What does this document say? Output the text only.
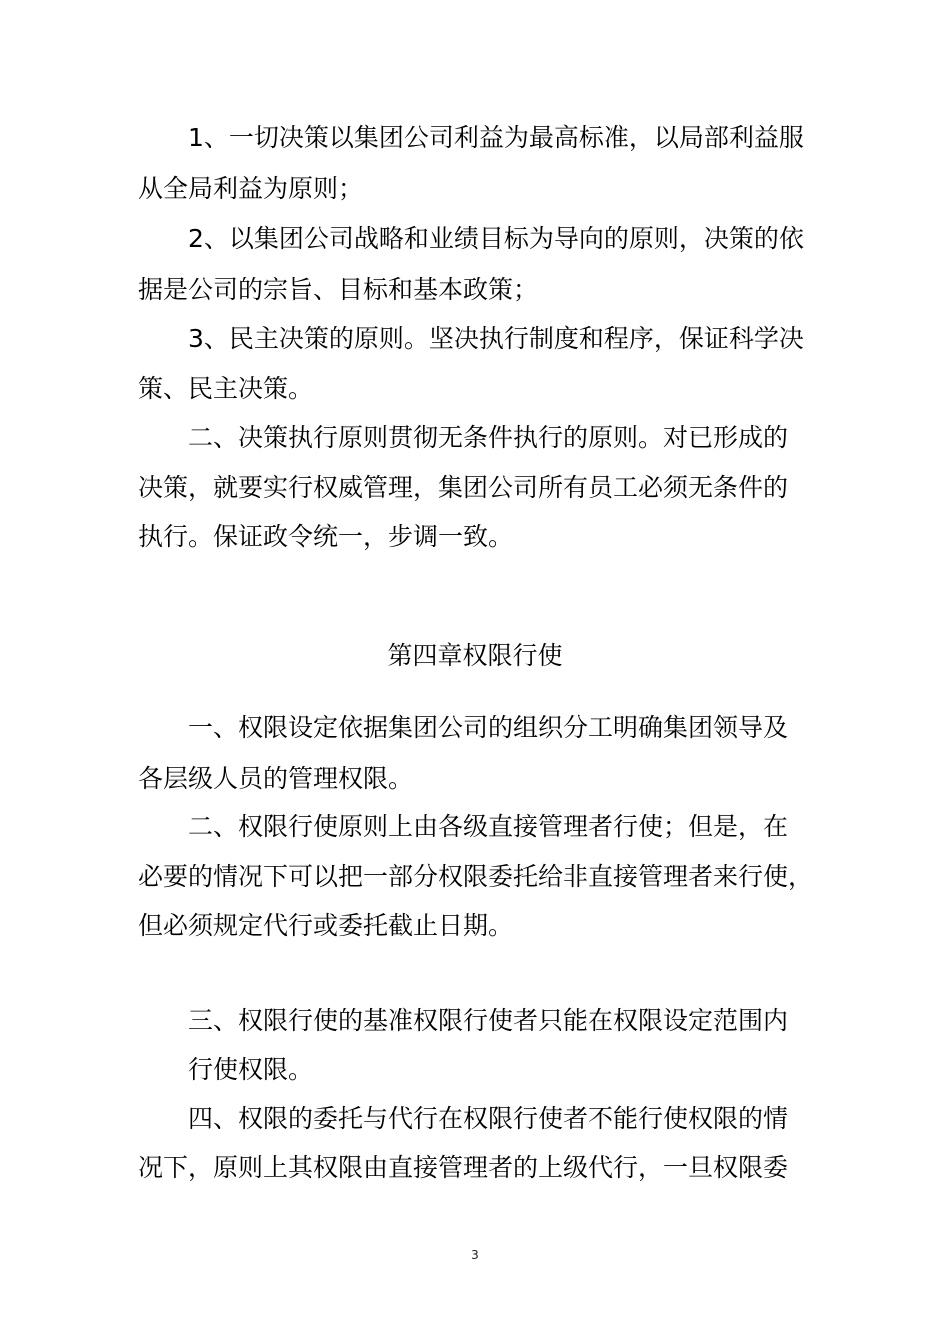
1、一切决策以集团公司利益为最高标准，以局部利益服
从全局利益为原则；
2、以集团公司战略和业绩目标为导向的原则，决策的依
据是公司的宗旨、目标和基本政策；
3、民主决策的原则。坚决执行制度和程序，保证科学决
策、民主决策。
二、决策执行原则贯彻无条件执行的原则。对已形成的
决策，就要实行权威管理，集团公司所有员工必须无条件的
执行。保证政令统一，步调一致。
第四章权限行使
一、权限设定依据集团公司的组织分工明确集团领导及
各层级人员的管理权限。
二、权限行使原则上由各级直接管理者行使；但是，在
必要的情况下可以把一部分权限委托给非直接管理者来行使，
但必须规定代行或委托截止日期。
三、权限行使的基准权限行使者只能在权限设定范围内
行使权限。
四、权限的委托与代行在权限行使者不能行使权限的情
况下，原则上其权限由直接管理者的上级代行，一旦权限委
3
